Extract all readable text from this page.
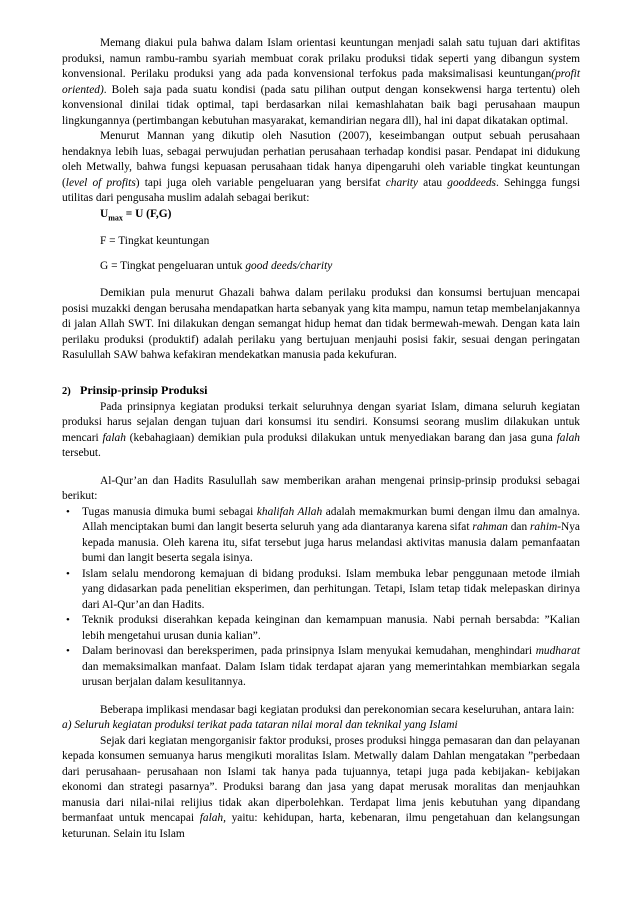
Memang diakui pula bahwa dalam Islam orientasi keuntungan menjadi salah satu tujuan dari aktifitas produksi, namun rambu-rambu syariah membuat corak prilaku produksi tidak seperti yang dibangun system konvensional. Perilaku produksi yang ada pada konvensional terfokus pada maksimalisasi keuntungan(profit oriented). Boleh saja pada suatu kondisi (pada satu pilihan output dengan konsekwensi harga tertentu) oleh konvensional dinilai tidak optimal, tapi berdasarkan nilai kemashlahatan baik bagi perusahaan maupun lingkungannya (pertimbangan kebutuhan masyarakat, kemandirian negara dll), hal ini dapat dikatakan optimal.

Menurut Mannan yang dikutip oleh Nasution (2007), keseimbangan output sebuah perusahaan hendaknya lebih luas, sebagai perwujudan perhatian perusahaan terhadap kondisi pasar. Pendapat ini didukung oleh Metwally, bahwa fungsi kepuasan perusahaan tidak hanya dipengaruhi oleh variable tingkat keuntungan (level of profits) tapi juga oleh variable pengeluaran yang bersifat charity atau gooddeeds. Sehingga fungsi utilitas dari pengusaha muslim adalah sebagai berikut:

$U_{max} = U$ (F,G)
F = Tingkat keuntungan
G = Tingkat pengeluaran untuk good deeds/charity

Demikian pula menurut Ghazali bahwa dalam perilaku produksi dan konsumsi bertujuan mencapai posisi muzakki dengan berusaha mendapatkan harta sebanyak yang kita mampu, namun tetap membelanjakannya di jalan Allah SWT. Ini dilakukan dengan semangat hidup hemat dan tidak bermewah-mewah. Dengan kata lain perilaku produksi (produktif) adalah perilaku yang bertujuan menjauhi posisi fakir, sesuai dengan peringatan Rasulullah SAW bahwa kefakiran mendekatkan manusia pada kekufuran.

2) Prinsip-prinsip Produksi

Pada prinsipnya kegiatan produksi terkait seluruhnya dengan syariat Islam, dimana seluruh kegiatan produksi harus sejalan dengan tujuan dari konsumsi itu sendiri. Konsumsi seorang muslim dilakukan untuk mencari falah (kebahagiaan) demikian pula produksi dilakukan untuk menyediakan barang dan jasa guna falah tersebut.

Al-Qur’an dan Hadits Rasulullah saw memberikan arahan mengenai prinsip-prinsip produksi sebagai berikut:

• Tugas manusia dimuka bumi sebagai khalifah Allah adalah memakmurkan bumi dengan ilmu dan amalnya. Allah menciptakan bumi dan langit beserta seluruh yang ada diantaranya karena sifat rahman dan rahim-Nya kepada manusia. Oleh karena itu, sifat tersebut juga harus melandasi aktivitas manusia dalam pemanfaatan bumi dan langit beserta segala isinya.
• Islam selalu mendorong kemajuan di bidang produksi. Islam membuka lebar penggunaan metode ilmiah yang didasarkan pada penelitian eksperimen, dan perhitungan. Tetapi, Islam tetap tidak melepaskan dirinya dari Al-Qur’an dan Hadits.
• Teknik produksi diserahkan kepada keinginan dan kemampuan manusia. Nabi pernah bersabda: ”Kalian lebih mengetahui urusan dunia kalian”.
• Dalam berinovasi dan bereksperimen, pada prinsipnya Islam menyukai kemudahan, menghindari mudharat dan memaksimalkan manfaat. Dalam Islam tidak terdapat ajaran yang memerintahkan membiarkan segala urusan berjalan dalam kesulitannya.

Beberapa implikasi mendasar bagi kegiatan produksi dan perekonomian secara keseluruhan, antara lain:

a) Seluruh kegiatan produksi terikat pada tataran nilai moral dan teknikal yang Islami

Sejak dari kegiatan mengorganisir faktor produksi, proses produksi hingga pemasaran dan dan pelayanan kepada konsumen semuanya harus mengikuti moralitas Islam. Metwally dalam Dahlan mengatakan ”perbedaan dari perusahaan- perusahaan non Islami tak hanya pada tujuannya, tetapi juga pada kebijakan- kebijakan ekonomi dan strategi pasarnya”. Produksi barang dan jasa yang dapat merusak moralitas dan menjauhkan manusia dari nilai-nilai relijius tidak akan diperbolehkan. Terdapat lima jenis kebutuhan yang dipandang bermanfaat untuk mencapai falah, yaitu: kehidupan, harta, kebenaran, ilmu pengetahuan dan kelangsungan keturunan. Selain itu Islam
